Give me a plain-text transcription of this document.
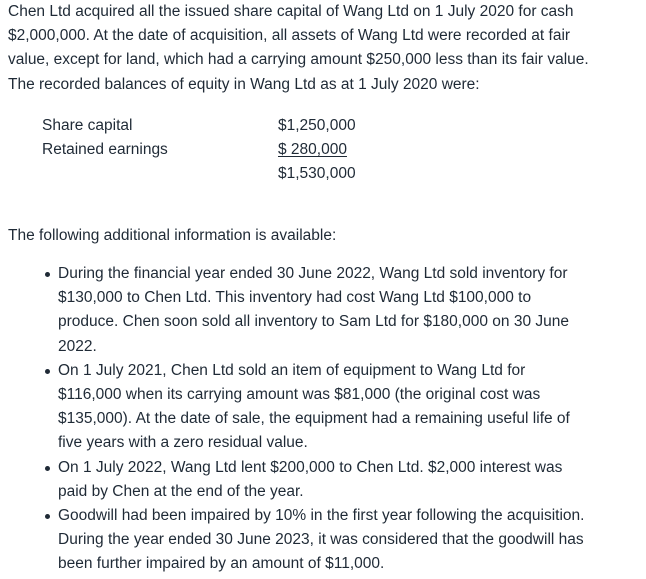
Chen Ltd acquired all the issued share capital of Wang Ltd on 1 July 2020 for cash
$2,000,000. At the date of acquisition, all assets of Wang Ltd were recorded at fair
value, except for land, which had a carrying amount $250,000 less than its fair value.
The recorded balances of equity in Wang Ltd as at 1 July 2020 were:

Share capital	$1,250,000
Retained earnings	$ 280,000
$1,530,000

The following additional information is available:

During the financial year ended 30 June 2022, Wang Ltd sold inventory for
$130,000 to Chen Ltd. This inventory had cost Wang Ltd $100,000 to
produce. Chen soon sold all inventory to Sam Ltd for $180,000 on 30 June
2022.
On 1 July 2021, Chen Ltd sold an item of equipment to Wang Ltd for
$116,000 when its carrying amount was $81,000 (the original cost was
$135,000). At the date of sale, the equipment had a remaining useful life of
five years with a zero residual value.
On 1 July 2022, Wang Ltd lent $200,000 to Chen Ltd. $2,000 interest was
paid by Chen at the end of the year.
Goodwill had been impaired by 10% in the first year following the acquisition.
During the year ended 30 June 2023, it was considered that the goodwill has
been further impaired by an amount of $11,000.
